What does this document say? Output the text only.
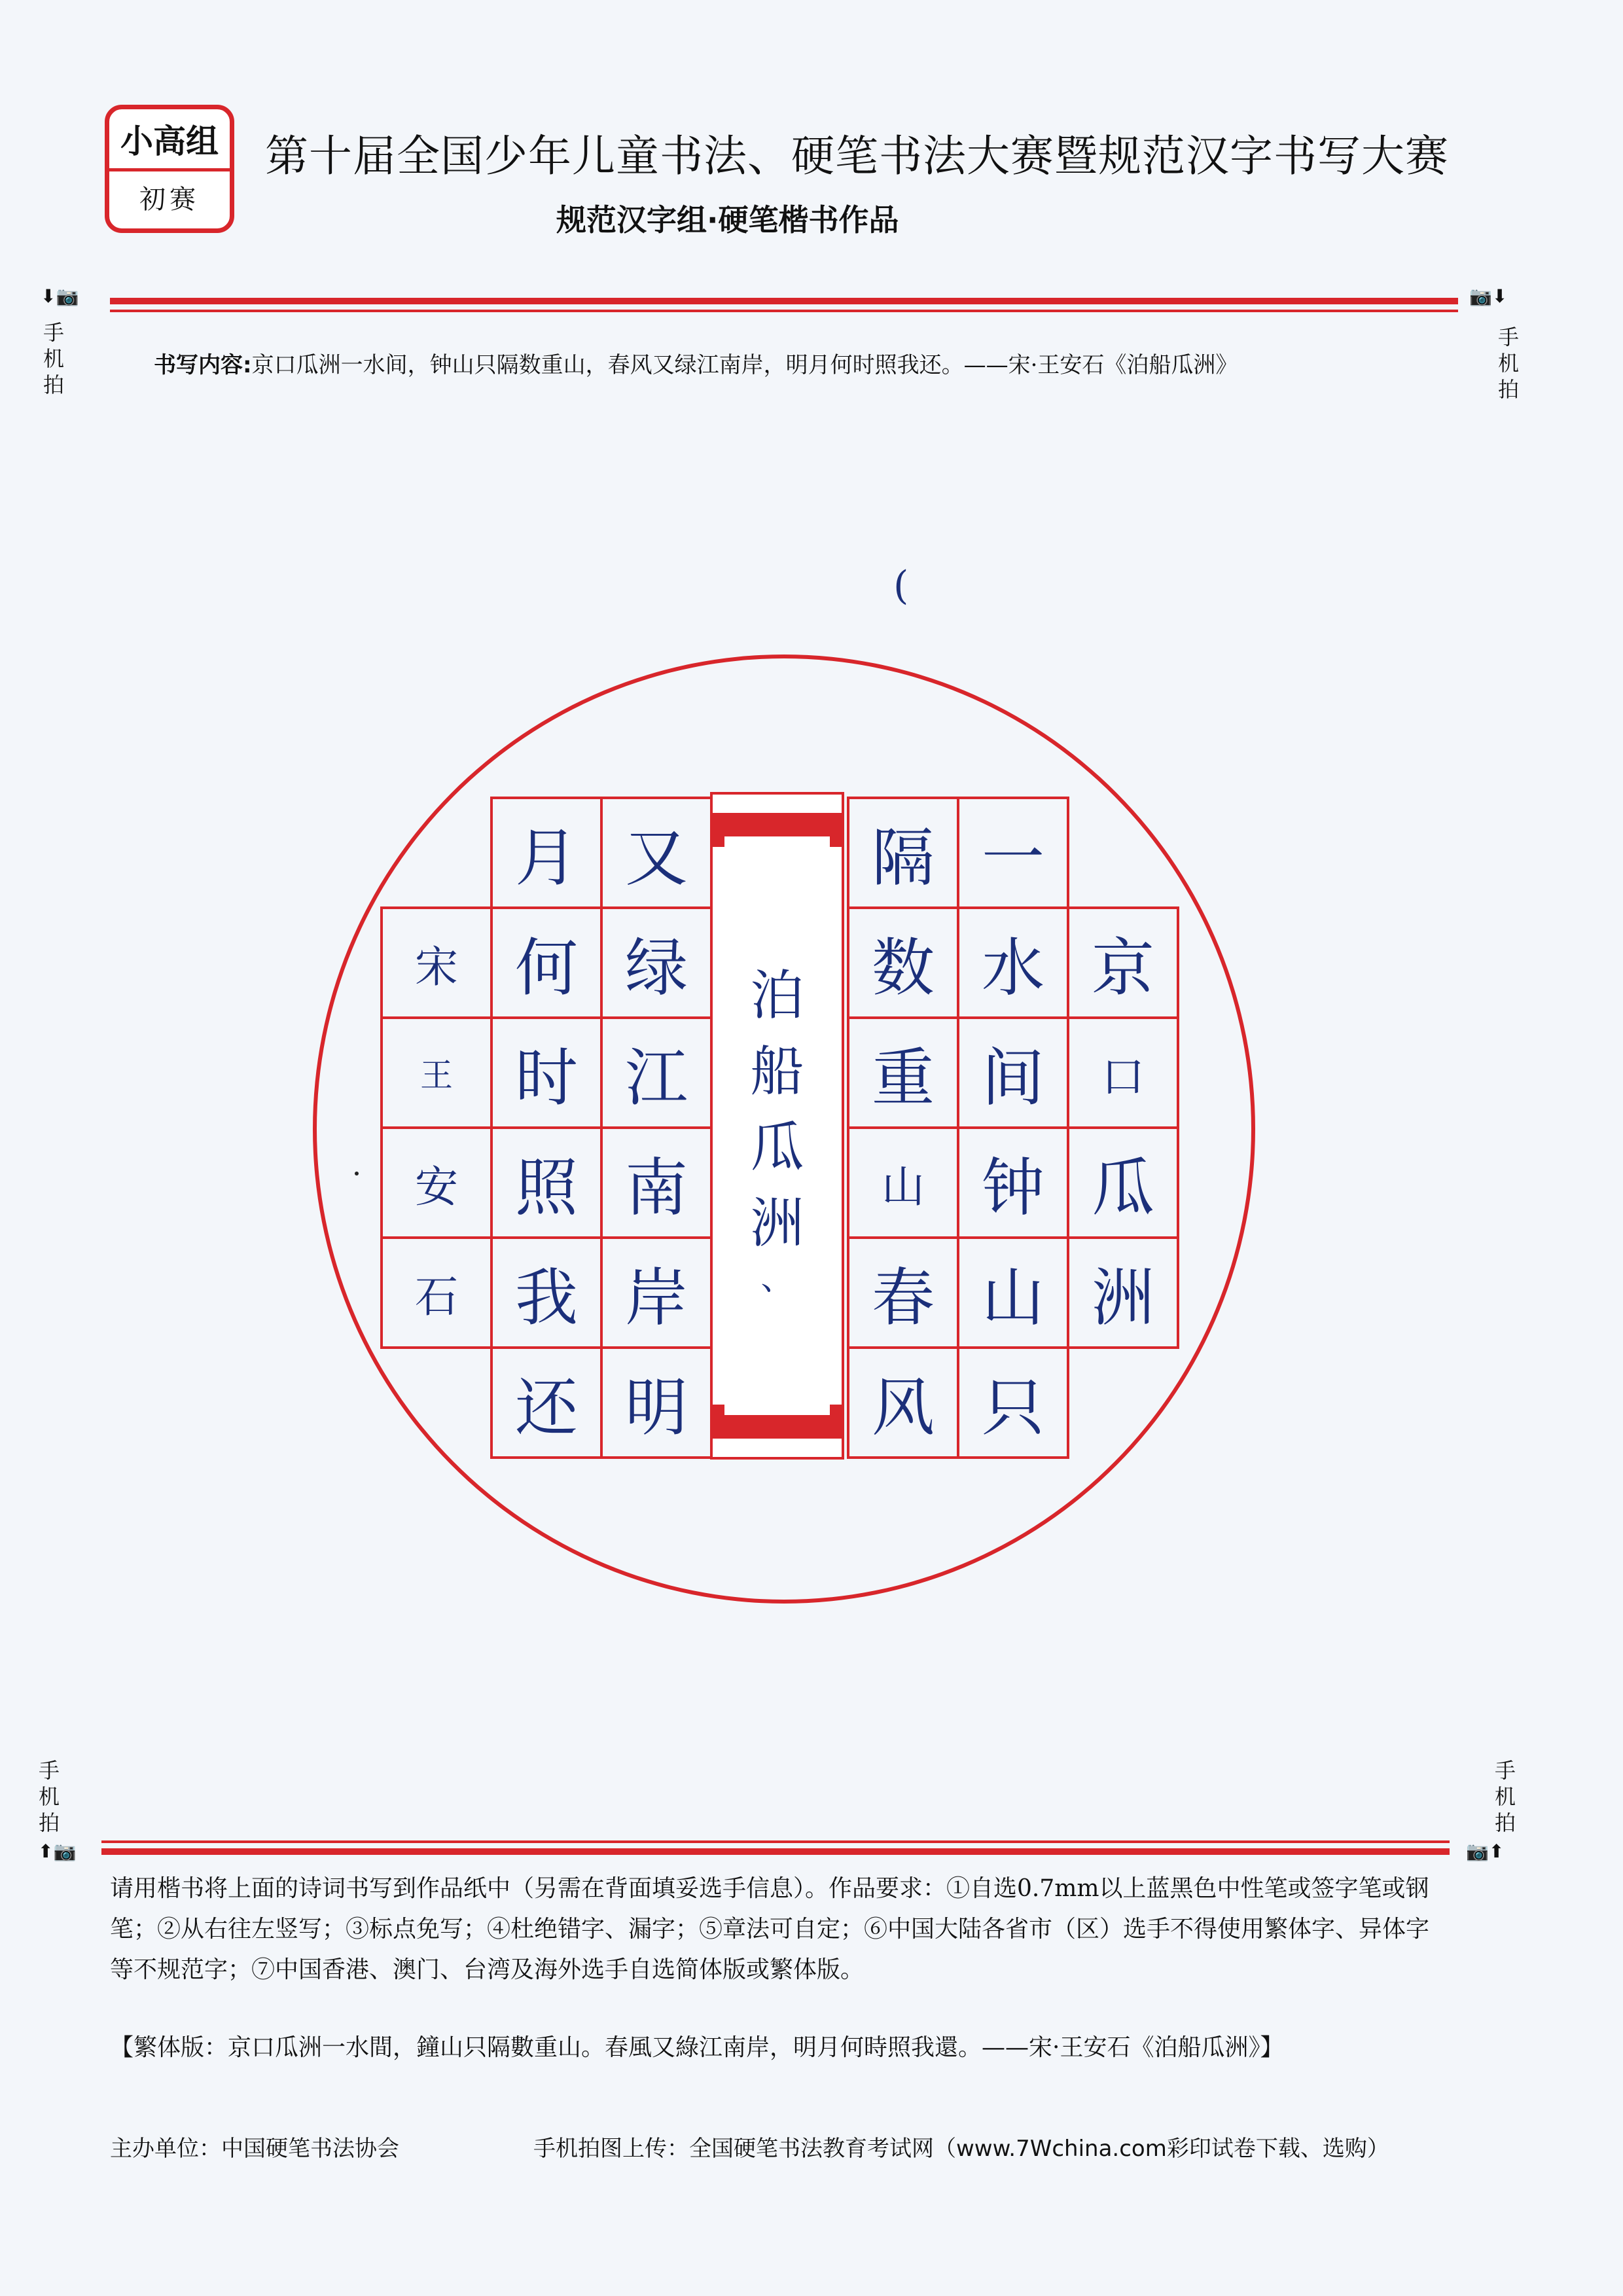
小高组
初赛
第十届全国少年儿童书法、硬笔书法大赛暨规范汉字书写大赛
规范汉字组·硬笔楷书作品
⬇📷
手机拍
📷⬇
手机拍
书写内容:京口瓜洲一水间，钟山只隔数重山，春风又绿江南岸，明月何时照我还。——宋·王安石《泊船瓜洲》
(
京
口
瓜
洲
一
水
间
钟
山
只
隔
数
重
山
春
风
泊
船
瓜
洲
、
又
绿
江
南
岸
明
月
何
时
照
我
还
宋
王
安
石
手机拍
⬆📷
手机拍
📷⬆
请用楷书将上面的诗词书写到作品纸中（另需在背面填妥选手信息）。作品要求：①自选0.7mm以上蓝黑色中性笔或签字笔或钢笔；②从右往左竖写；③标点免写；④杜绝错字、漏字；⑤章法可自定；⑥中国大陆各省市（区）选手不得使用繁体字、异体字等不规范字；⑦中国香港、澳门、台湾及海外选手自选简体版或繁体版。
【繁体版：京口瓜洲一水間，鐘山只隔數重山。春風又綠江南岸，明月何時照我還。——宋·王安石《泊船瓜洲》】
主办单位：中国硬笔书法协会	手机拍图上传：全国硬笔书法教育考试网（www.7Wchina.com彩印试卷下载、选购）
